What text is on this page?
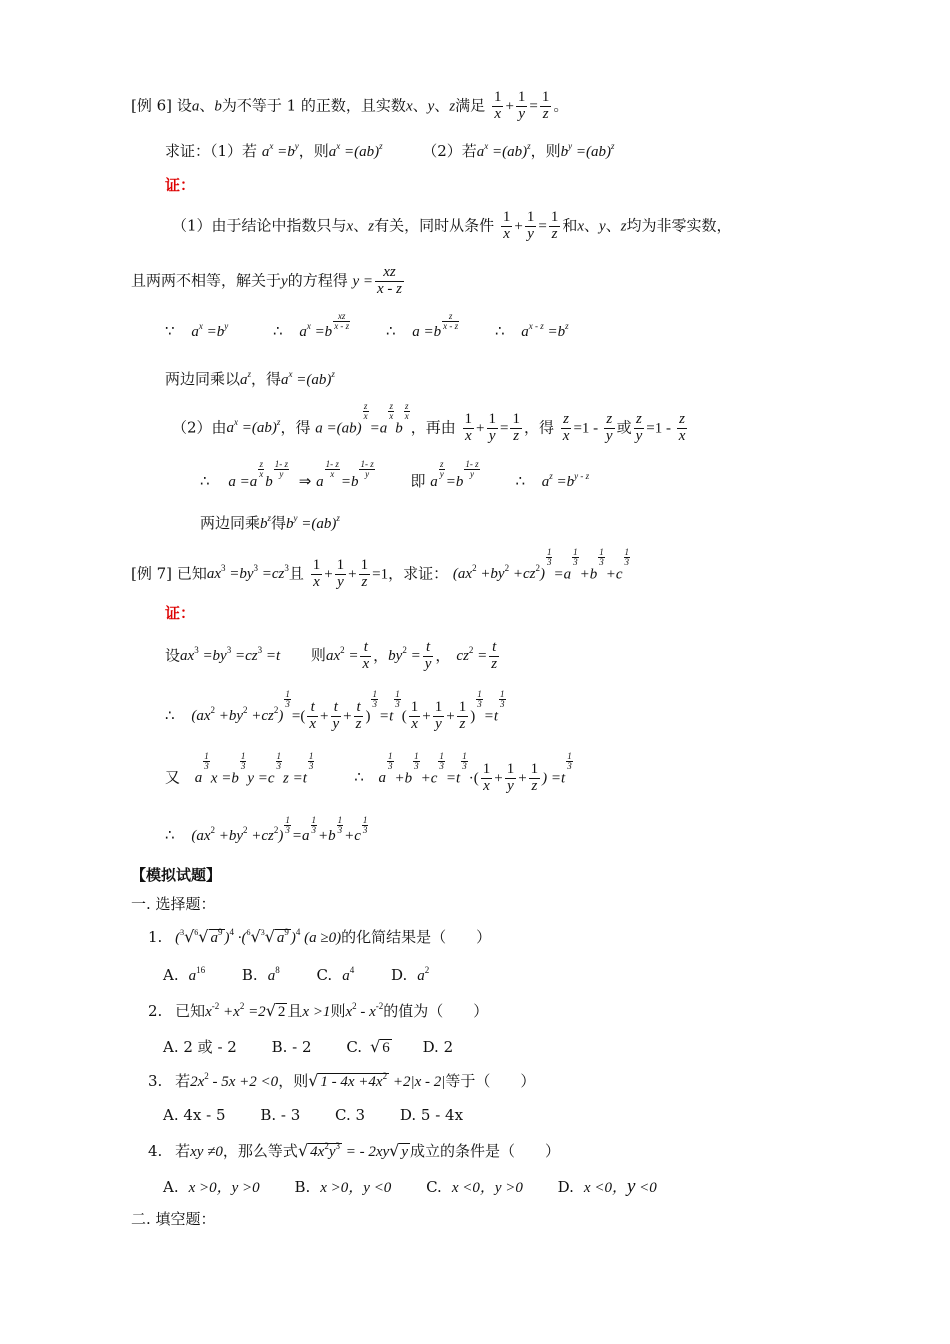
[例 6] 设a、b为不等于 1 的正数，且实数x、y、z满足 $\frac{1}{x} + \frac{1}{y} = \frac{1}{z}$ 。
求证：（1）若 $a^x =b^y$，则$a^x =(ab)^z$	（2）若$a^x =(ab)^z$，则$b^y =(ab)^z$
证：
（1）由于结论中指数只与x、z有关，同时从条件 $\frac{1}{x} + \frac{1}{y} = \frac{1}{z}$ 和x、y、z均为非零实数，
且两两不相等，解关于y的方程得 $y = \frac{xz}{x - z}$
∵ $a^x =b^y$	∴ $a^x =b$
$\frac{xz}{x - z}$ ∴ a =b
$\frac{z}{x - z}$ ∴ $a^{x - z} =b^z$
两边同乘以$a^z$，得$a^x =(ab)^z$
（2）由$a^x =(ab)^z$，得 a =(ab)
$\frac{z}{x}$
=a
$\frac{z}{x}$
b
$\frac{z}{x}$
，再由 $\frac{1}{x} + \frac{1}{y} = \frac{1}{z}$ ，得 $\frac{z}{x} =1 - \frac{z}{y}$ 或 $\frac{z}{y} =1 - \frac{z}{x}$
∴ a =a
$\frac{z}{x}$
b
$\frac{1- z}{y}$
⇒ a
$\frac{1- z}{x}$
=b
$\frac{1- z}{y}$
即 a
$\frac{z}{y}$
=b
$\frac{1- z}{y}$
∴ $a^z =b^{y - z}$
两边同乘$b^z$得$b^y =(ab)^z$
[例 7] 已知$ax^3 =by^3 =cz^3$且 $\frac{1}{x} + \frac{1}{y} + \frac{1}{z} =1$，求证： $(ax^2 +by^2 +cz^2)$
$\frac{1}{3}$
=a
$\frac{1}{3}$
+b
$\frac{1}{3}$
+c
$\frac{1}{3}$
证：
设$ax^3 =by^3 =cz^3 =t$ 则$ax^2 = \frac{t}{x}$ ，$by^2 = \frac{t}{y}$ ， $cz^2 = \frac{t}{z}$
∴ $(ax^2 +by^2 +cz^2)$
$\frac{1}{3}$
=( $\frac{t}{x} + \frac{t}{y} + \frac{t}{z}$ )
$\frac{1}{3}$
=t
$\frac{1}{3}$
( $\frac{1}{x} + \frac{1}{y} + \frac{1}{z}$ )
$\frac{1}{3}$
=t
$\frac{1}{3}$
又 a
$\frac{1}{3}$
x =b
$\frac{1}{3}$
y =c
$\frac{1}{3}$
z =t
$\frac{1}{3}$
∴ a
$\frac{1}{3}$
+b
$\frac{1}{3}$
+c
$\frac{1}{3}$
=t
$\frac{1}{3}$
·( $\frac{1}{x} + \frac{1}{y} + \frac{1}{z}$ ) =t
$\frac{1}{3}$
∴ $(ax^2 +by^2 +cz^2)$
$\frac{1}{3}$
=a
$\frac{1}{3}$
+b
$\frac{1}{3}$
+c
$\frac{1}{3}$
【模拟试题】
一. 选择题：
1. ($^3$√$^6$√ $a^9$ )$^4$ ·($^6$√$^3$√ $a^9$ )$^4$ (a ≥0)的化简结果是（　　）
A. $a^{16}$ B. $a^8$ C. $a^4$ D. $a^2$
2. 已知$x^{-2} +x^2 =2√$ 2 且x >1则$x^2 - x^{-2}$的值为（　　）
A. 2 或 - 2 B. - 2 C. √ 6 D. 2
3. 若$2x^2 - 5x +2 <0$，则√ $1 - 4x +4x^2 +2|x - 2|$等于（　　）
A. 4x - 5 B. - 3 C. 3 D. 5 - 4x
4. 若xy ≠0，那么等式√ $4x^2y^3$ = - 2xy√ y 成立的条件是（　　）
A. x >0，y >0 B. x >0，y <0 C. x <0，y >0 D. x <0，y <0
二. 填空题：
